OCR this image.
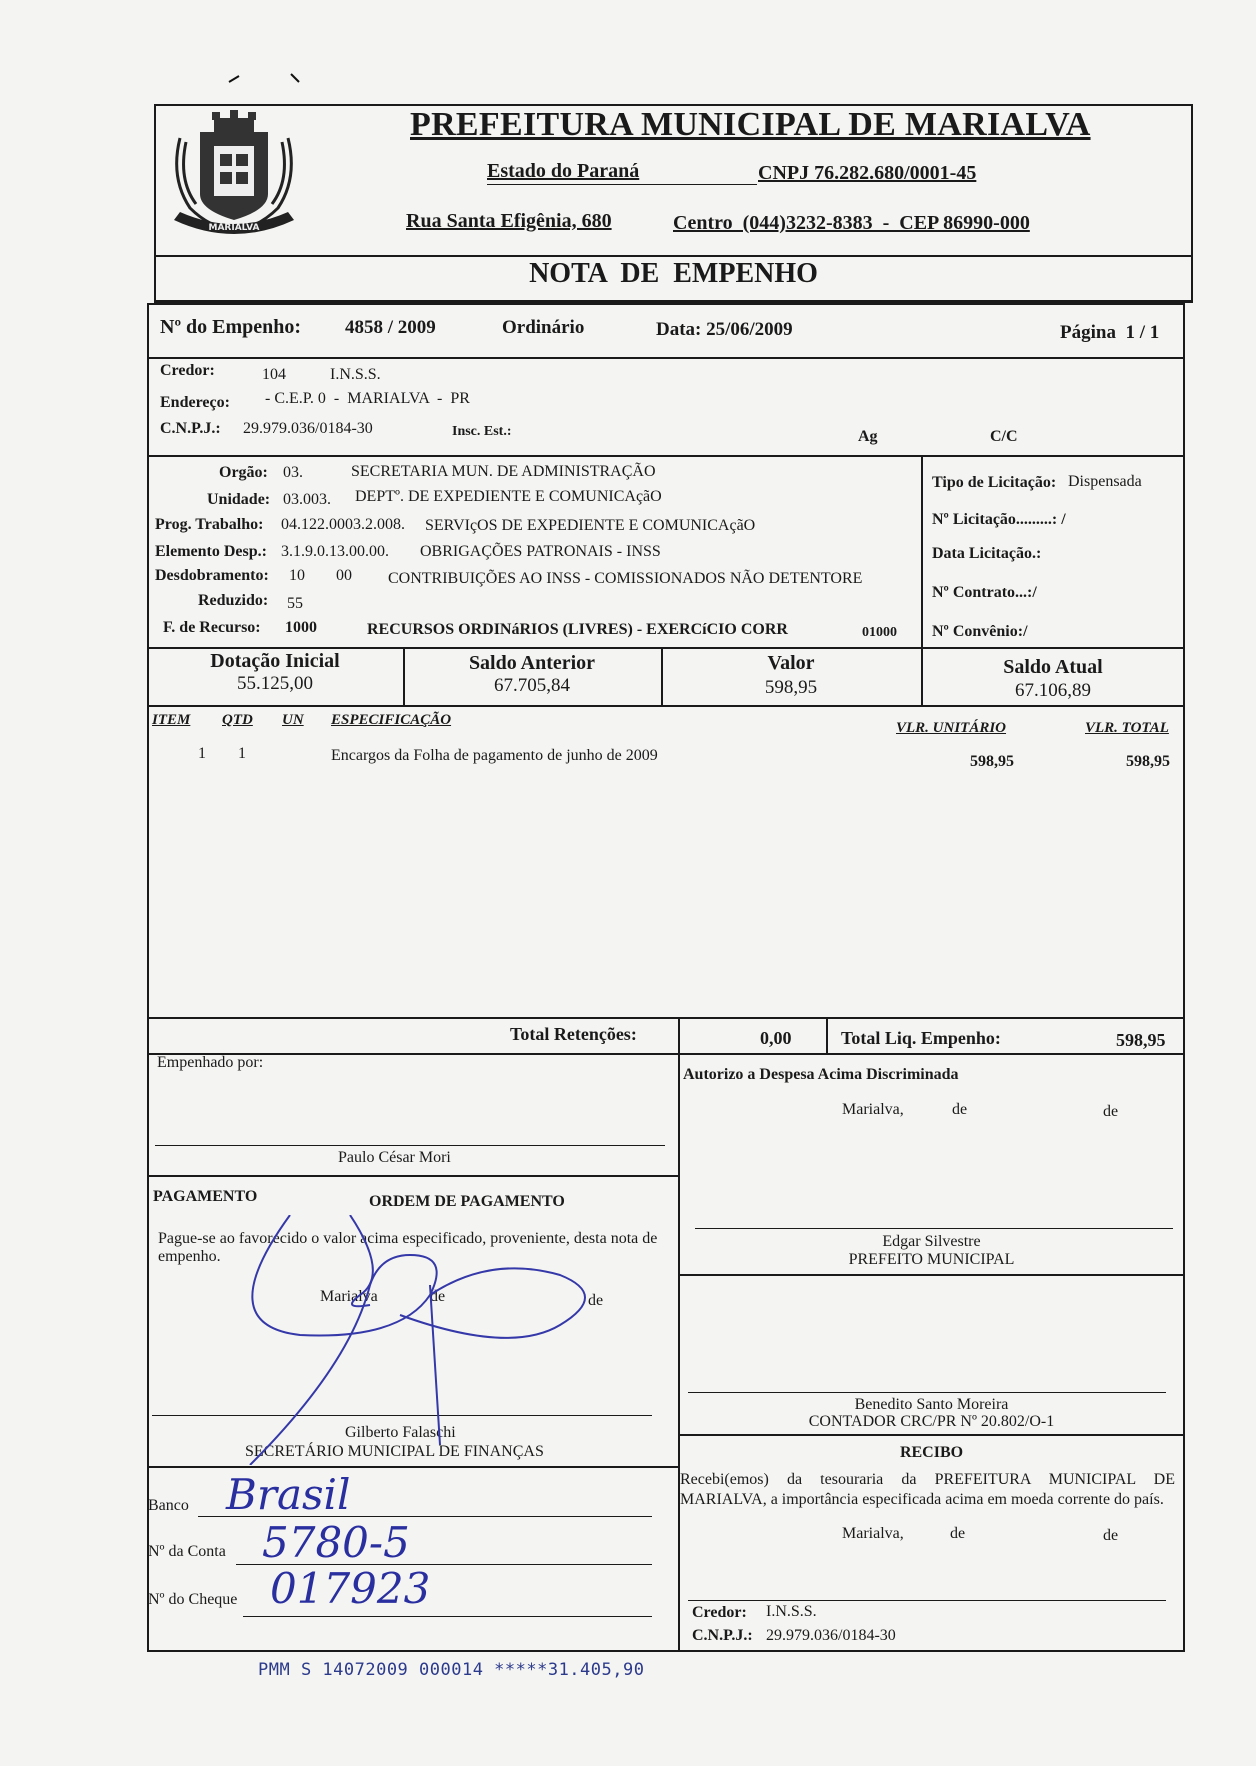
MARIALVA
PREFEITURA MUNICIPAL DE MARIALVA
Estado do Paraná	CNPJ 76.282.680/0001-45
Rua Santa Efigênia, 680	Centro  (044)3232-8383  -  CEP 86990-000
NOTA  DE  EMPENHO
Nº do Empenho: 4858 / 2009	Ordinário	Data: 25/06/2009	Página  1 / 1
Credor:	104	I.N.S.S.
Endereço: - C.E.P. 0  -  MARIALVA  -  PR
C.N.P.J.: 29.979.036/0184-30	Insc. Est.:	Ag	C/C
Orgão: 03.	SECRETARIA MUN. DE ADMINISTRAÇÃO
Unidade: 03.003. DEPTº. DE EXPEDIENTE E COMUNICAçãO
Prog. Trabalho: 04.122.0003.2.008. SERVIçOS DE EXPEDIENTE E COMUNICAçãO
Elemento Desp.: 3.1.9.0.13.00.00. OBRIGAÇÕES PATRONAIS - INSS
Desdobramento: 10 00 CONTRIBUIÇÕES AO INSS - COMISSIONADOS NÃO DETENTORE
Reduzido: 55
F. de Recurso: 1000	RECURSOS ORDINáRIOS (LIVRES) - EXERCíCIO CORR	01000
Tipo de Licitação: Dispensada
Nº Licitação.........: /
Data Licitação.:
Nº Contrato...:/
Nº Convênio:/
Dotação Inicial
55.125,00
Saldo Anterior
67.705,84
Valor
598,95
Saldo Atual
67.106,89
ITEM QTD UN ESPECIFICAÇÃO	VLR. UNITÁRIO	VLR. TOTAL
1 1	Encargos da Folha de pagamento de junho de 2009	598,95	598,95
Total Retenções:	0,00	Total Liq. Empenho:	598,95
Empenhado por:
Paulo César Mori
Autorizo a Despesa Acima Discriminada
Marialva,	de	de
Edgar Silvestre
PREFEITO MUNICIPAL
PAGAMENTO	ORDEM DE PAGAMENTO
Pague-se ao favorecido o valor acima especificado, proveniente, desta nota de empenho.
Marialva	de	de
Gilberto Falaschi
SECRETÁRIO MUNICIPAL DE FINANÇAS
Banco Brasil
Nº da Conta 5780-5
Nº do Cheque 017923
Benedito Santo Moreira
CONTADOR CRC/PR Nº 20.802/O-1
RECIBO
Recebi(emos) da tesouraria da PREFEITURA MUNICIPAL DE MARIALVA, a importância especificada acima em moeda corrente do país.
Marialva,	de	de
Credor: I.N.S.S.
C.N.P.J.: 29.979.036/0184-30
PMM S 14072009 000014 *****31.405,90
